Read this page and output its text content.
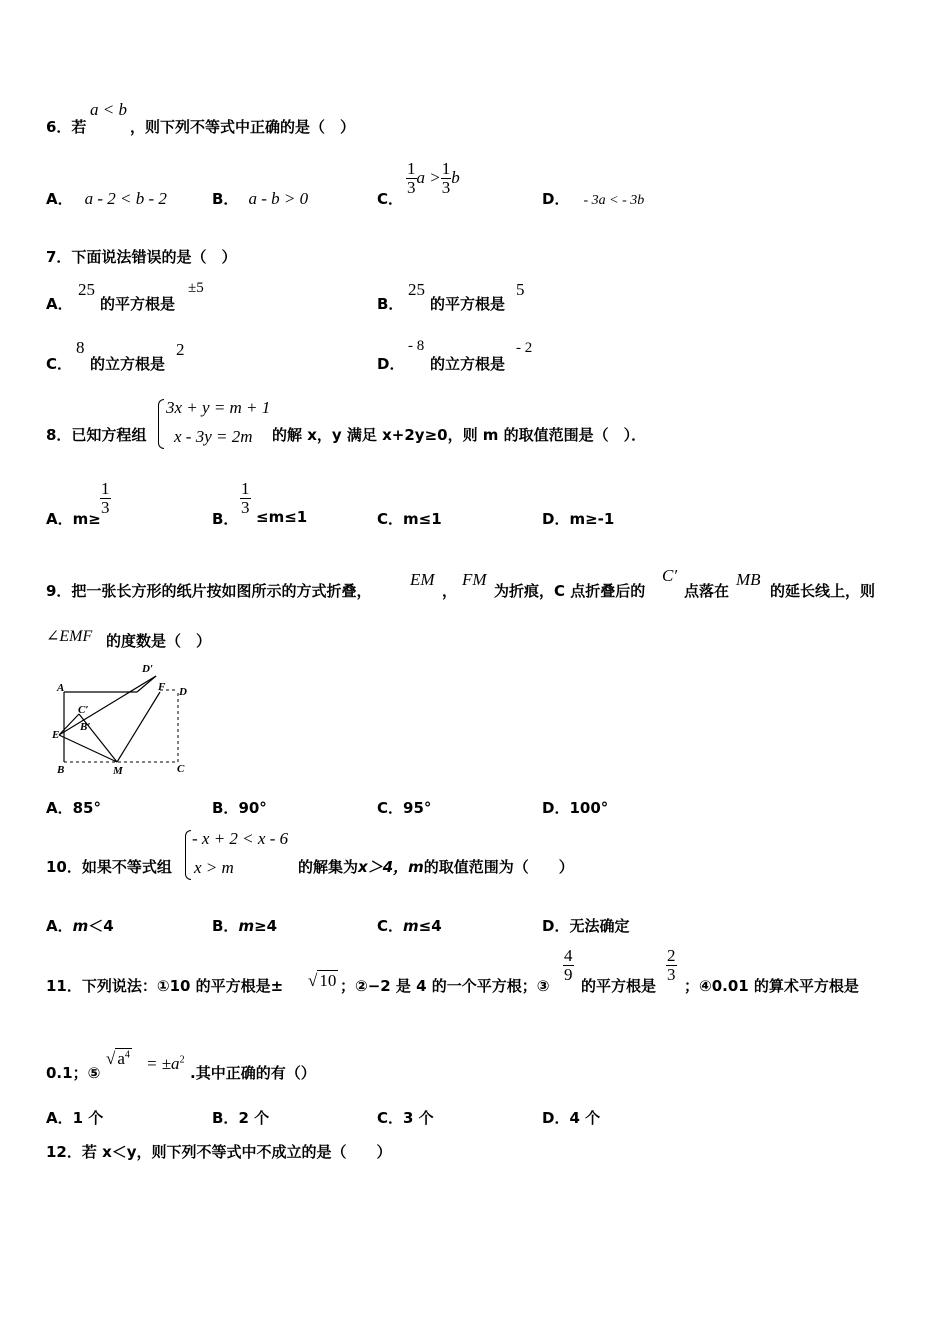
6．若
a < b
，则下列不等式中正确的是（　）
A． a - 2 < b - 2	B． a - b > 0	C．
$\frac{1}{3}$ $a > \frac{1}{3}$ b
D． - 3a < - 3b
7．下面说法错误的是（　）
A．
25
的平方根是
±5
B．
25
的平方根是
5
C．
8
的立方根是
2
D．
- 8
的立方根是
- 2
8．已知方程组
3x + y = m + 1
x - 3y = 2m 的解 x，y 满足 x+2y≥0，则 m 的取值范围是（　）．
A．m≥
$\frac{1}{3}$
B．
$\frac{1}{3}$
≤m≤1	C．m≤1	D．m≥-1
9．把一张长方形的纸片按如图所示的方式折叠，
EM
，
FM
为折痕，C 点折叠后的
C′
点落在
MB
的延长线上，则
∠EMF 的度数是（　）
A
B	C
D
E
F
M
C′
B′
D′
A．85°	B．90°	C．95°	D．100°
10．如果不等式组
- x + 2 < x - 6
x > m	的解集为x＞4，m的取值范围为（　　）
A．m＜4	B．m≥4	C．m≤4	D．无法确定
11．下列说法：①10 的平方根是± √ 10 ；②−2 是 4 的一个平方根；③
$\frac{4}{9}$
的平方根是
$\frac{2}{3}$
；④0.01 的算术平方根是
0.1；⑤
√ $a^4 = \pm a^2$
.其中正确的有（）
A．1 个	B．2 个	C．3 个	D．4 个
12．若 x＜y，则下列不等式中不成立的是（　　）
